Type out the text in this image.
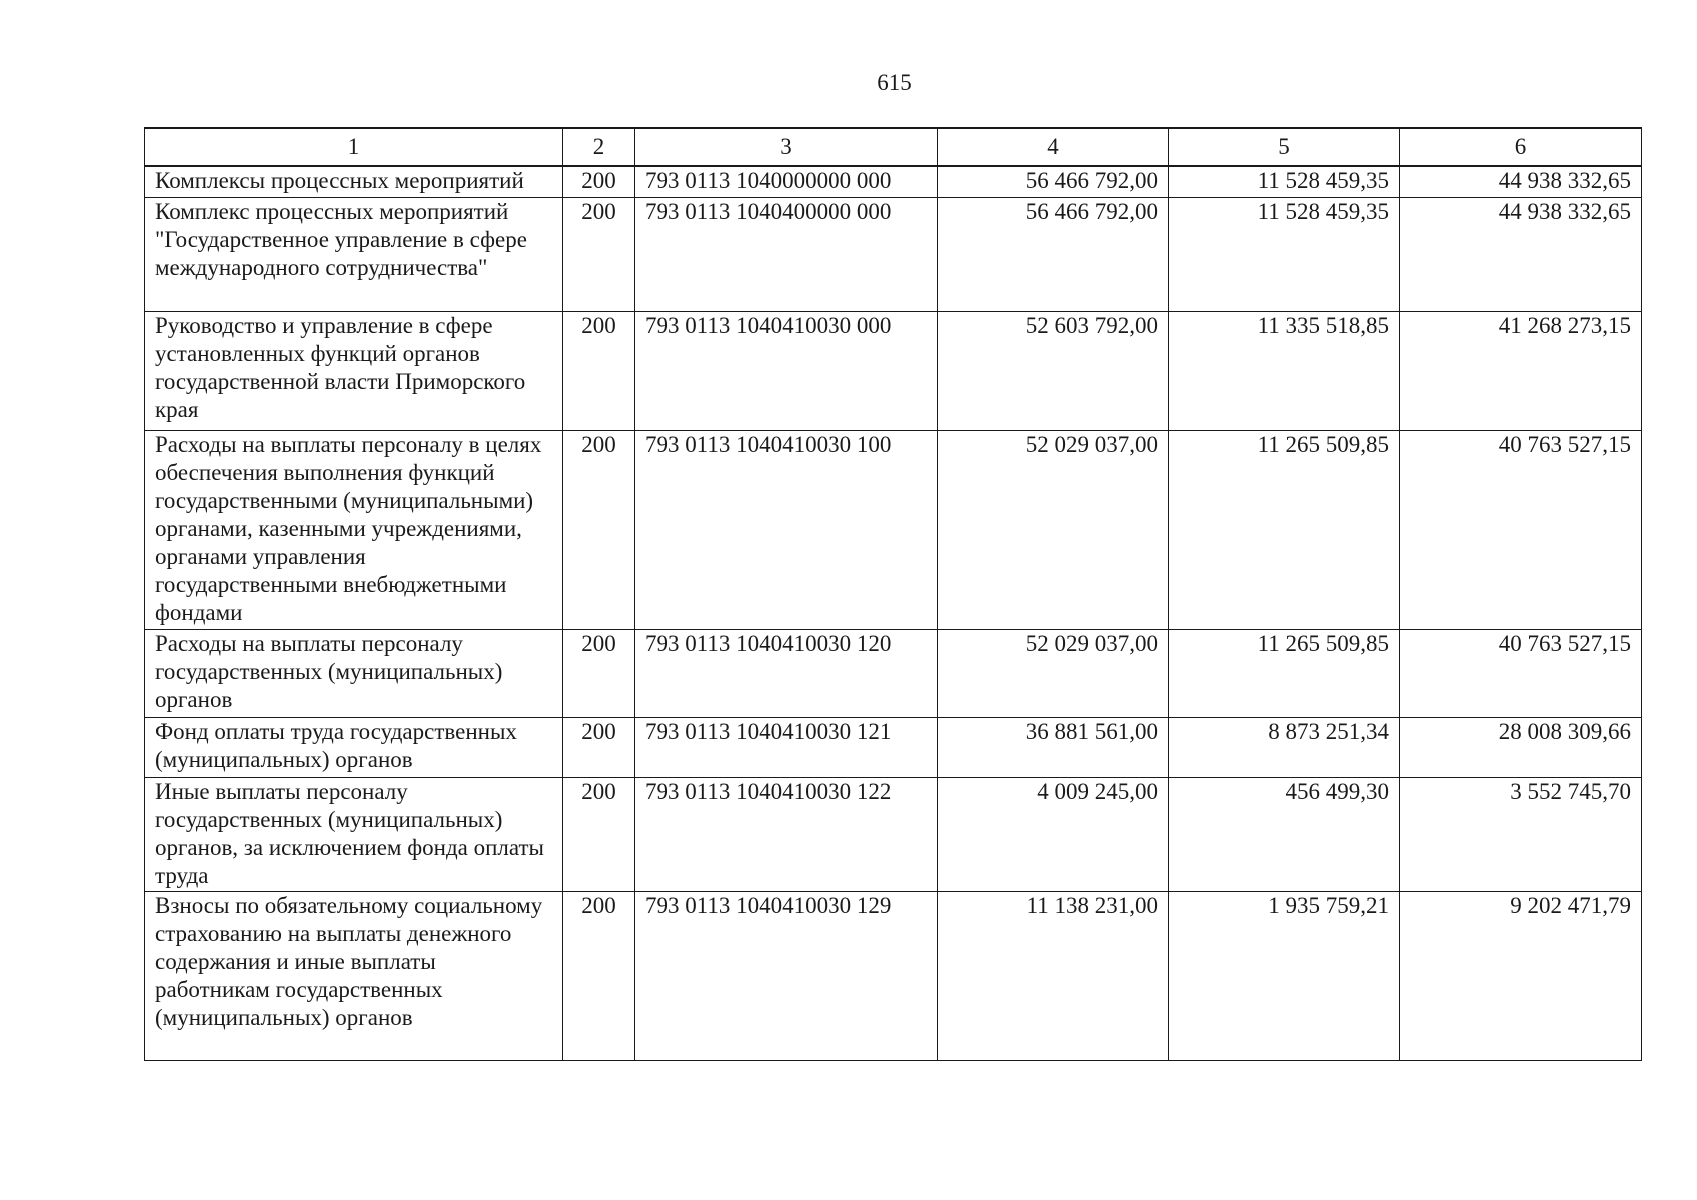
615
1	2	3	4	5	6
Комплексы процессных мероприятий	200	793 0113 1040000000 000	56 466 792,00	11 528 459,35	44 938 332,65
Комплекс процессных мероприятий "Государственное управление в сфере международного сотрудничества"	200	793 0113 1040400000 000	56 466 792,00	11 528 459,35	44 938 332,65
Руководство и управление в сфере установленных функций органов государственной власти Приморского края	200	793 0113 1040410030 000	52 603 792,00	11 335 518,85	41 268 273,15
Расходы на выплаты персоналу в целях обеспечения выполнения функций государственными (муниципальными) органами, казенными учреждениями, органами управления государственными внебюджетными фондами	200	793 0113 1040410030 100	52 029 037,00	11 265 509,85	40 763 527,15
Расходы на выплаты персоналу государственных (муниципальных) органов	200	793 0113 1040410030 120	52 029 037,00	11 265 509,85	40 763 527,15
Фонд оплаты труда государственных (муниципальных) органов	200	793 0113 1040410030 121	36 881 561,00	8 873 251,34	28 008 309,66
Иные выплаты персоналу государственных (муниципальных) органов, за исключением фонда оплаты труда	200	793 0113 1040410030 122	4 009 245,00	456 499,30	3 552 745,70
Взносы по обязательному социальному страхованию на выплаты денежного содержания и иные выплаты работникам государственных (муниципальных) органов	200	793 0113 1040410030 129	11 138 231,00	1 935 759,21	9 202 471,79
